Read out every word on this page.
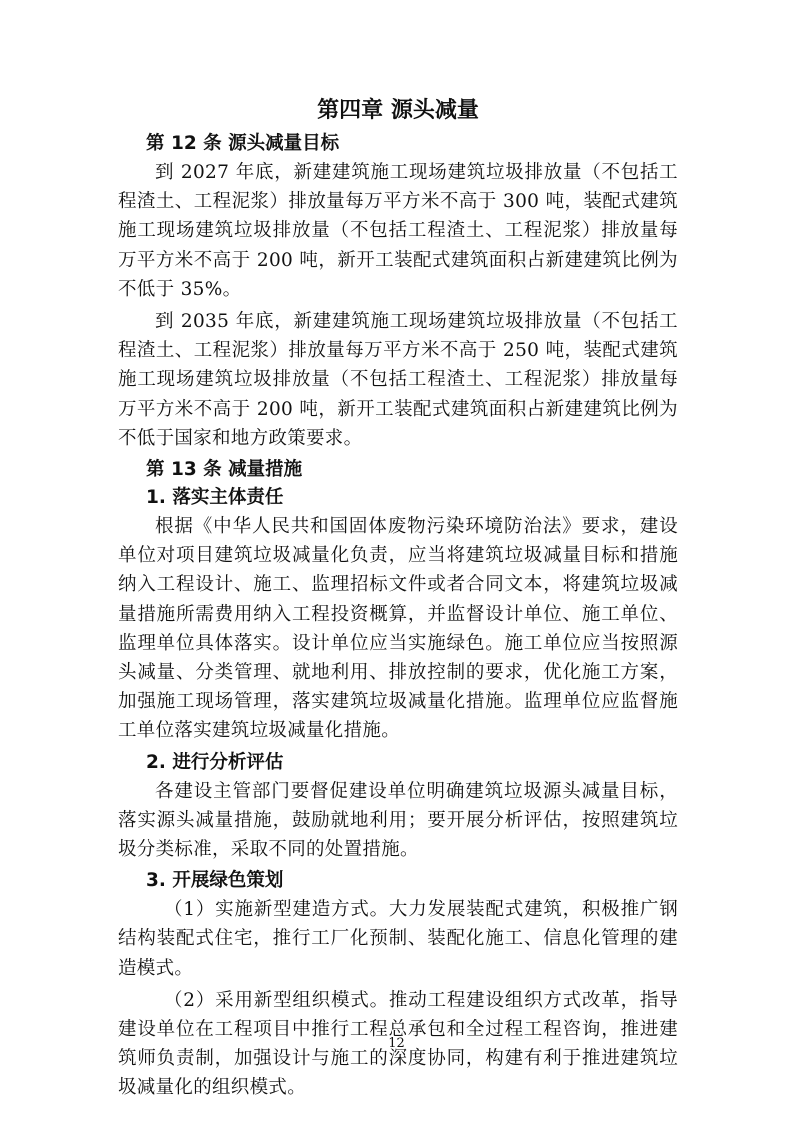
第四章 源头减量
第 12 条 源头减量目标

到 2027 年底，新建建筑施工现场建筑垃圾排放量（不包括工程渣土、工程泥浆）排放量每万平方米不高于 300 吨，装配式建筑施工现场建筑垃圾排放量（不包括工程渣土、工程泥浆）排放量每万平方米不高于 200 吨，新开工装配式建筑面积占新建建筑比例为不低于 35%。

到 2035 年底，新建建筑施工现场建筑垃圾排放量（不包括工程渣土、工程泥浆）排放量每万平方米不高于 250 吨，装配式建筑施工现场建筑垃圾排放量（不包括工程渣土、工程泥浆）排放量每万平方米不高于 200 吨，新开工装配式建筑面积占新建建筑比例为不低于国家和地方政策要求。

第 13 条 减量措施
1. 落实主体责任

根据《中华人民共和国固体废物污染环境防治法》要求，建设单位对项目建筑垃圾减量化负责，应当将建筑垃圾减量目标和措施纳入工程设计、施工、监理招标文件或者合同文本，将建筑垃圾减量措施所需费用纳入工程投资概算，并监督设计单位、施工单位、监理单位具体落实。设计单位应当实施绿色。施工单位应当按照源头减量、分类管理、就地利用、排放控制的要求，优化施工方案，加强施工现场管理，落实建筑垃圾减量化措施。监理单位应监督施工单位落实建筑垃圾减量化措施。

2. 进行分析评估

各建设主管部门要督促建设单位明确建筑垃圾源头减量目标，落实源头减量措施，鼓励就地利用；要开展分析评估，按照建筑垃圾分类标准，采取不同的处置措施。

3. 开展绿色策划

（1）实施新型建造方式。大力发展装配式建筑，积极推广钢结构装配式住宅，推行工厂化预制、装配化施工、信息化管理的建造模式。

（2）采用新型组织模式。推动工程建设组织方式改革，指导建设单位在工程项目中推行工程总承包和全过程工程咨询，推进建筑师负责制，加强设计与施工的深度协同，构建有利于推进建筑垃圾减量化的组织模式。

12
